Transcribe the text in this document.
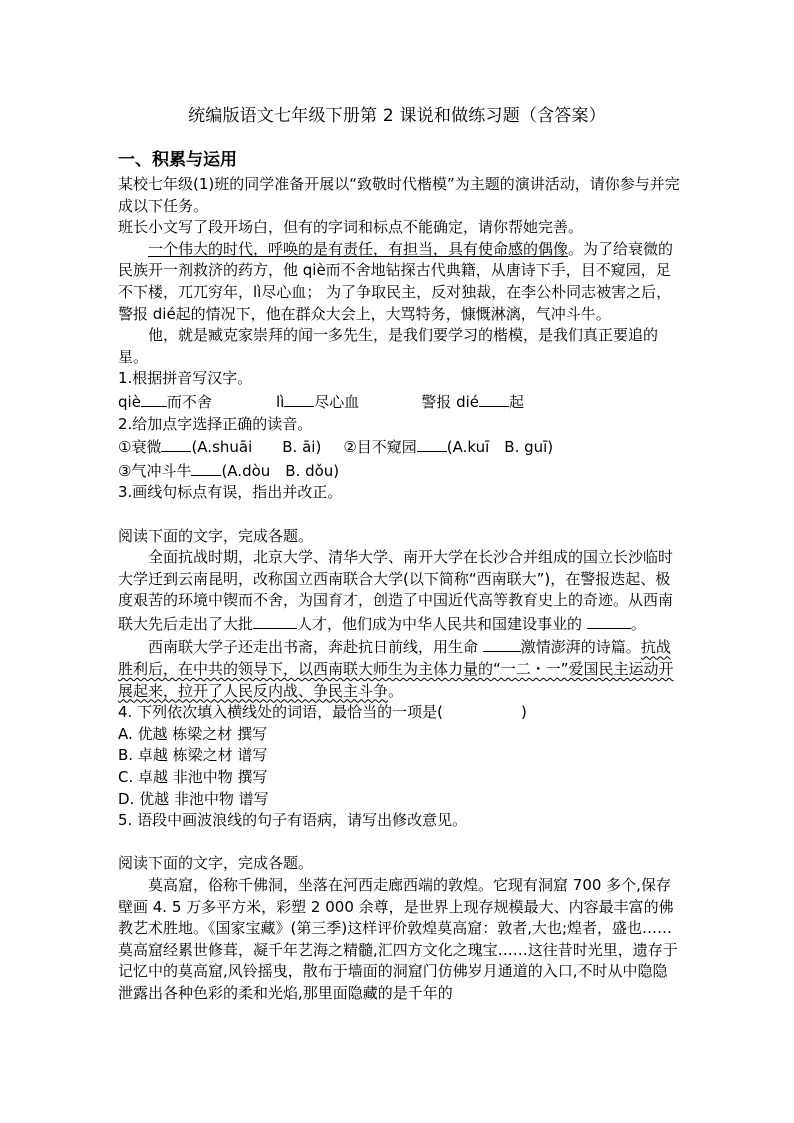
统编版语文七年级下册第 2 课说和做练习题（含答案）
一、积累与运用

某校七年级(1)班的同学准备开展以“致敬时代楷模”为主题的演讲活动，请你参与并完成以下任务。

班长小文写了段开场白，但有的字词和标点不能确定，请你帮她完善。

一个伟大的时代，呼唤的是有责任，有担当，具有使命感的偶像。为了给衰微的民族开一剂救济的药方，他 qiè而不舍地钻探古代典籍，从唐诗下手，目不窥园，足不下楼，兀兀穷年，lì尽心血； 为了争取民主，反对独裁，在李公朴同志被害之后，警报 dié起的情况下，他在群众大会上，大骂特务，慷慨淋漓，气冲斗牛。

他，就是臧克家崇拜的闻一多先生，是我们要学习的楷模，是我们真正要追的星。

1.根据拼音写汉字。

qiè 而不舍	lì 尽心血	警报 dié 起

2.给加点字选择正确的读音。

①衰微 (A.shuāi　　B. āi) ②目不窥园 (A.kuī　B. guī)

③气冲斗牛 (A.dòu　B. dǒu)

3.画线句标点有误，指出并改正。

阅读下面的文字，完成各题。

全面抗战时期，北京大学、清华大学、南开大学在长沙合并组成的国立长沙临时大学迁到云南昆明，改称国立西南联合大学(以下简称“西南联大”)，在警报迭起、极度艰苦的环境中锲而不舍，为国育才，创造了中国近代高等教育史上的奇迹。从西南联大先后走出了大批	人才，他们成为中华人民共和国建设事业的	。

西南联大学子还走出书斋，奔赴抗日前线，用生命	激情澎湃的诗篇。抗战胜利后，在中共的领导下，以西南联大师生为主体力量的“一二・一”爱国民主运动开展起来，拉开了人民反内战、争民主斗争。

4. 下列依次填入横线处的词语，最恰当的一项是(	)

A. 优越 栋梁之材 撰写

B. 卓越 栋梁之材 谱写

C. 卓越 非池中物 撰写

D. 优越 非池中物 谱写

5. 语段中画波浪线的句子有语病，请写出修改意见。

阅读下面的文字，完成各题。

莫高窟，俗称千佛洞，坐落在河西走廊西端的敦煌。它现有洞窟 700 多个,保存壁画 4. 5 万多平方米，彩塑 2 000 余尊，是世界上现存规模最大、内容最丰富的佛教艺术胜地。《国家宝藏》(第三季)这样评价敦煌莫高窟：敦者,大也;煌者，盛也……莫高窟经累世修葺，凝千年艺海之精髓,汇四方文化之瑰宝……这往昔时光里，遗存于记忆中的莫高窟,风铃摇曳，散布于墙面的洞窟门仿佛岁月通道的入口,不时从中隐隐泄露出各种色彩的柔和光焰,那里面隐藏的是千年的
